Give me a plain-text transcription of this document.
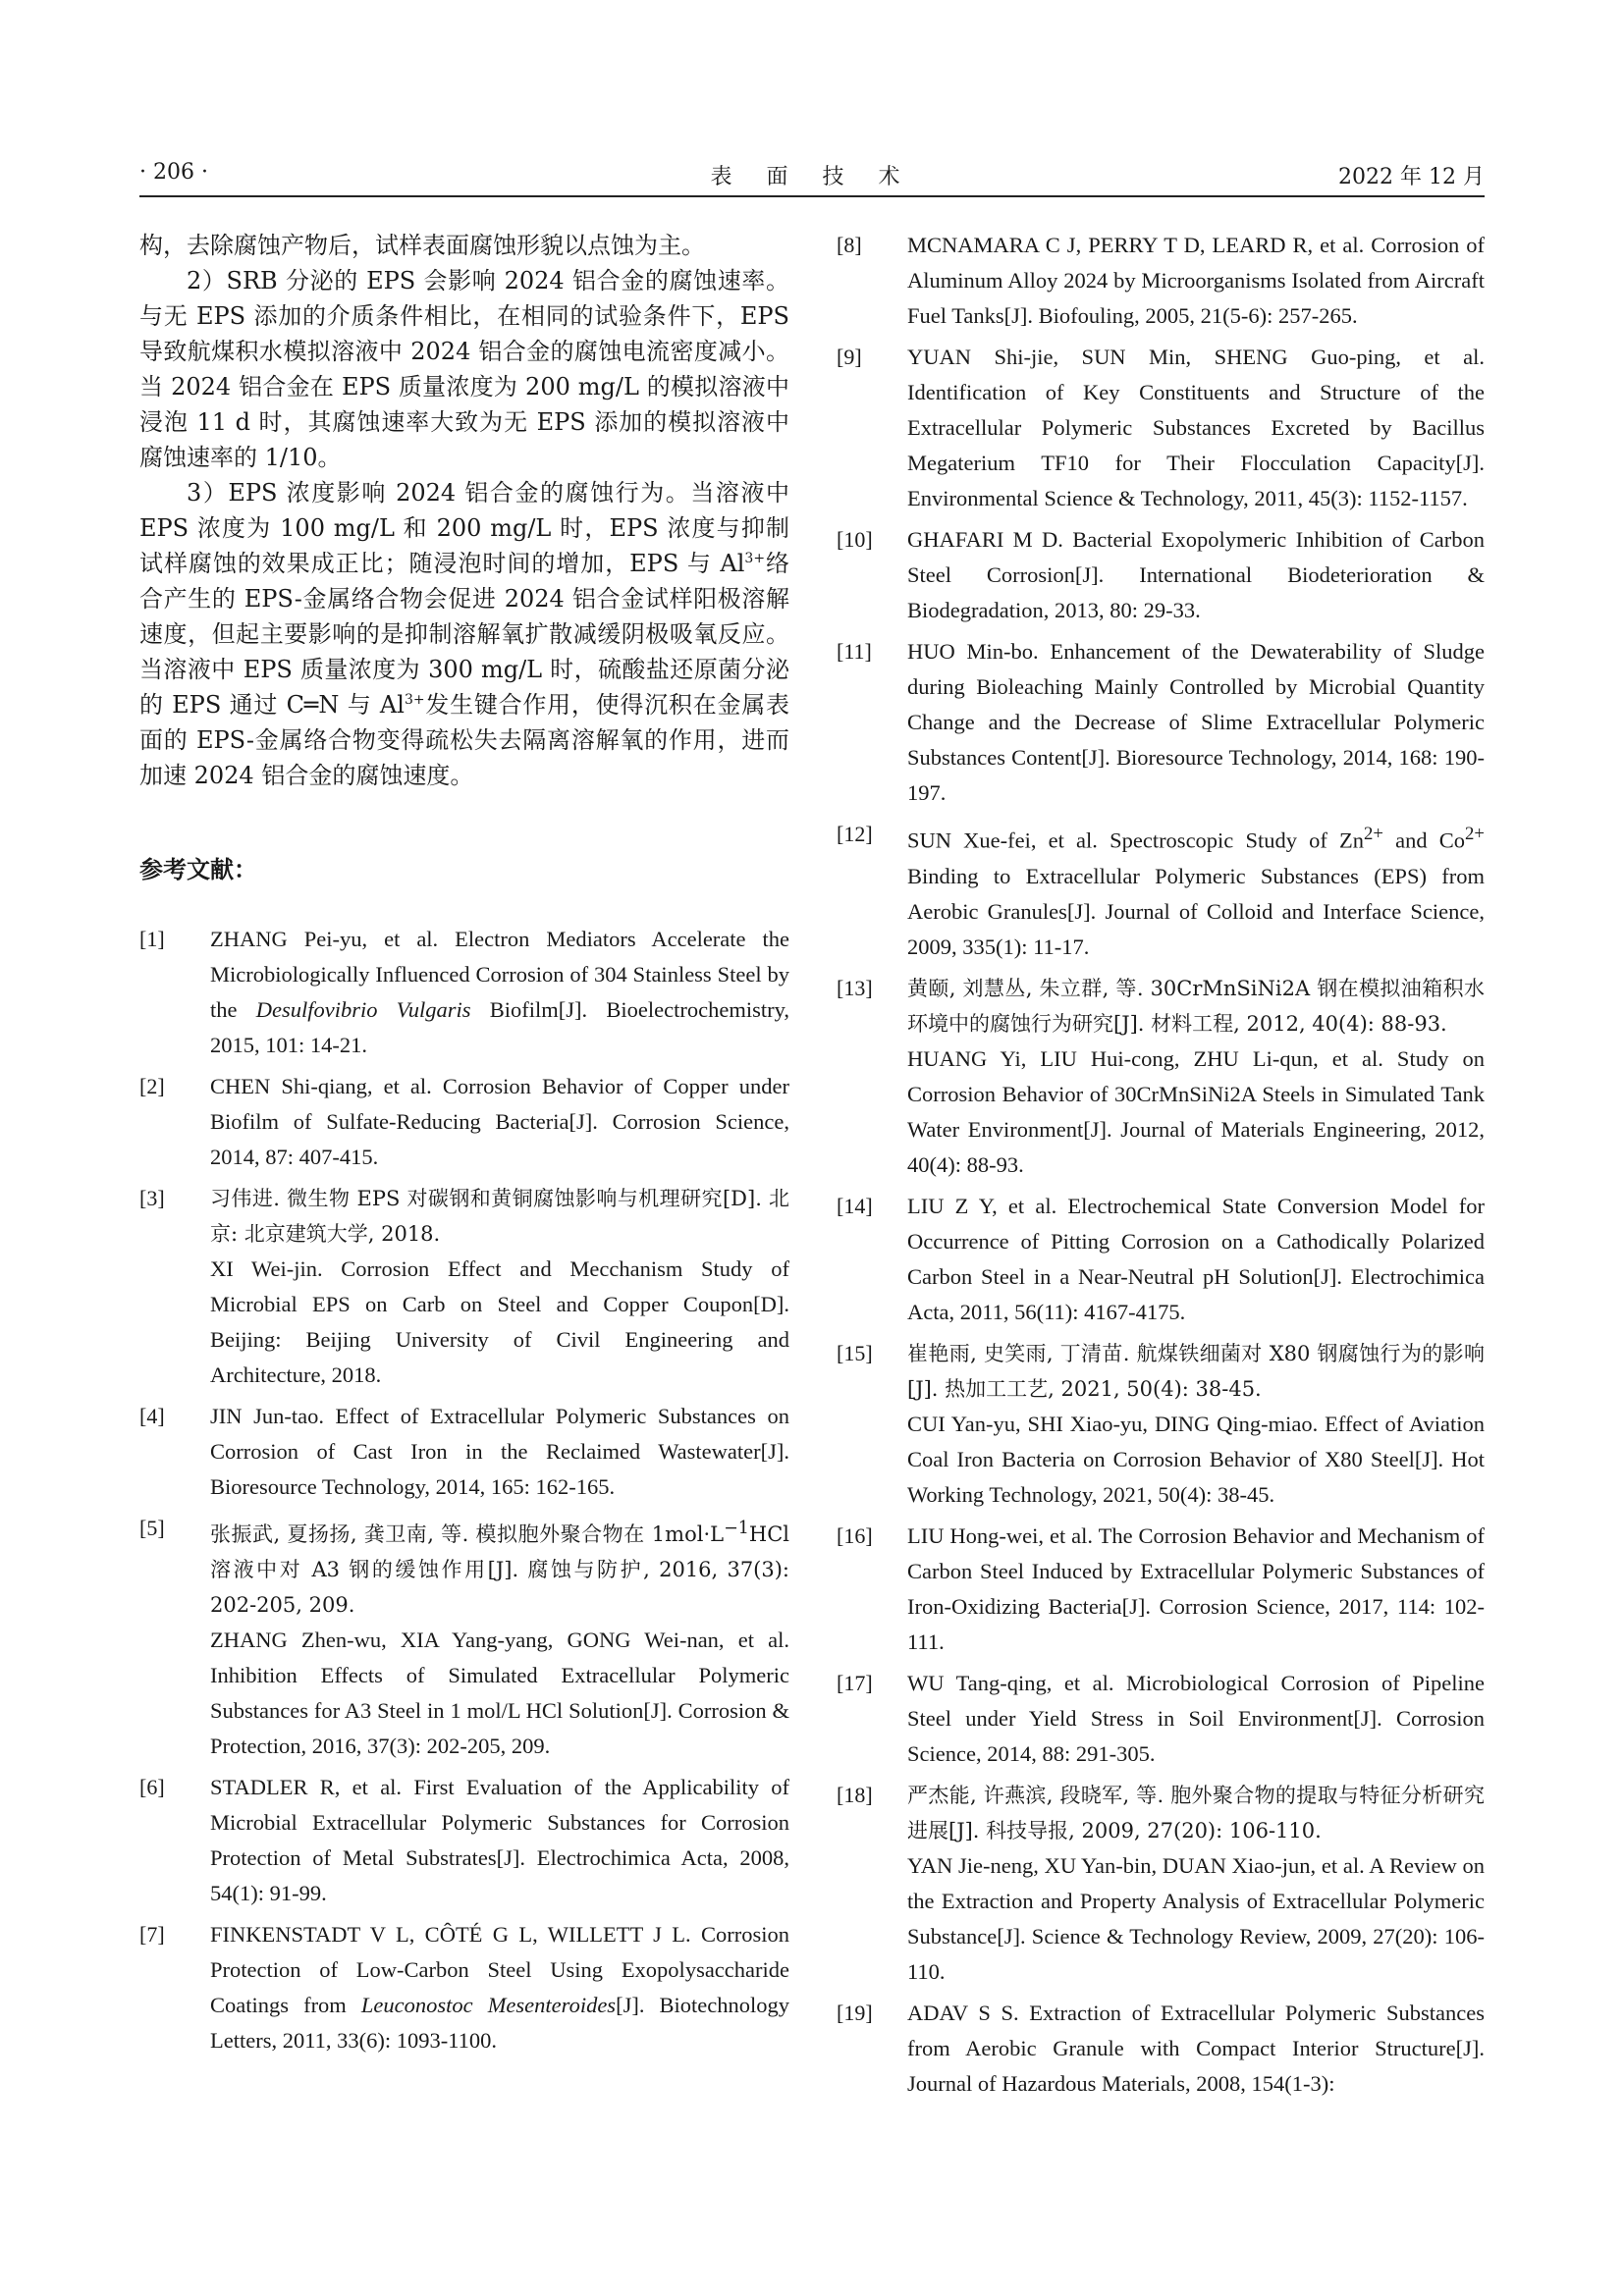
· 206 ·	表 面 技 术	2022 年 12 月

构，去除腐蚀产物后，试样表面腐蚀形貌以点蚀为主。

2）SRB 分泌的 EPS 会影响 2024 铝合金的腐蚀速率。与无 EPS 添加的介质条件相比，在相同的试验条件下，EPS 导致航煤积水模拟溶液中 2024 铝合金的腐蚀电流密度减小。当 2024 铝合金在 EPS 质量浓度为 200 mg/L 的模拟溶液中浸泡 11 d 时，其腐蚀速率大致为无 EPS 添加的模拟溶液中腐蚀速率的 1/10。

3）EPS 浓度影响 2024 铝合金的腐蚀行为。当溶液中 EPS 浓度为 100 mg/L 和 200 mg/L 时，EPS 浓度与抑制试样腐蚀的效果成正比；随浸泡时间的增加，EPS 与 $Al^{3+}$络合产生的 EPS-金属络合物会促进 2024 铝合金试样阳极溶解速度，但起主要影响的是抑制溶解氧扩散减缓阴极吸氧反应。当溶液中 EPS 质量浓度为 300 mg/L 时，硫酸盐还原菌分泌的 EPS 通过 C═N 与 $Al^{3+}$发生键合作用，使得沉积在金属表面的 EPS-金属络合物变得疏松失去隔离溶解氧的作用，进而加速 2024 铝合金的腐蚀速度。

参考文献：
[1] ZHANG Pei-yu, et al. Electron Mediators Accelerate the Microbiologically Influenced Corrosion of 304 Stainless Steel by the Desulfovibrio Vulgaris Biofilm[J]. Bioelectrochemistry, 2015, 101: 14-21.
[2] CHEN Shi-qiang, et al. Corrosion Behavior of Copper under Biofilm of Sulfate-Reducing Bacteria[J]. Corrosion Science, 2014, 87: 407-415.
[3] 习伟进. 微生物 EPS 对碳钢和黄铜腐蚀影响与机理研究[D]. 北京: 北京建筑大学, 2018.
XI Wei-jin. Corrosion Effect and Mecchanism Study of Microbial EPS on Carb on Steel and Copper Coupon[D]. Beijing: Beijing University of Civil Engineering and Architecture, 2018.
[4] JIN Jun-tao. Effect of Extracellular Polymeric Substances on Corrosion of Cast Iron in the Reclaimed Wastewater[J]. Bioresource Technology, 2014, 165: 162-165.
[5] 张振武, 夏扬扬, 龚卫南, 等. 模拟胞外聚合物在 $1mol\cdot L^{-1}HCl$ 溶液中对 A3 钢的缓蚀作用[J]. 腐蚀与防护, 2016, 37(3): 202-205, 209.
ZHANG Zhen-wu, XIA Yang-yang, GONG Wei-nan, et al. Inhibition Effects of Simulated Extracellular Polymeric Substances for A3 Steel in 1 mol/L HCl Solution[J]. Corrosion & Protection, 2016, 37(3): 202-205, 209.
[6] STADLER R, et al. First Evaluation of the Applicability of Microbial Extracellular Polymeric Substances for Corrosion Protection of Metal Substrates[J]. Electrochimica Acta, 2008, 54(1): 91-99.
[7] FINKENSTADT V L, CÔTÉ G L, WILLETT J L. Corrosion Protection of Low-Carbon Steel Using Exopolysaccharide Coatings from Leuconostoc Mesenteroides[J]. Biotechnology Letters, 2011, 33(6): 1093-1100.
[8] MCNAMARA C J, PERRY T D, LEARD R, et al. Corrosion of Aluminum Alloy 2024 by Microorganisms Isolated from Aircraft Fuel Tanks[J]. Biofouling, 2005, 21(5-6): 257-265.
[9] YUAN Shi-jie, SUN Min, SHENG Guo-ping, et al. Identification of Key Constituents and Structure of the Extracellular Polymeric Substances Excreted by Bacillus Megaterium TF10 for Their Flocculation Capacity[J]. Environmental Science & Technology, 2011, 45(3): 1152-1157.
[10] GHAFARI M D. Bacterial Exopolymeric Inhibition of Carbon Steel Corrosion[J]. International Biodeterioration & Biodegradation, 2013, 80: 29-33.
[11] HUO Min-bo. Enhancement of the Dewaterability of Sludge during Bioleaching Mainly Controlled by Microbial Quantity Change and the Decrease of Slime Extracellular Polymeric Substances Content[J]. Bioresource Technology, 2014, 168: 190-197.
[12] SUN Xue-fei, et al. Spectroscopic Study of $Zn^{2+}$ and $Co^{2+}$ Binding to Extracellular Polymeric Substances (EPS) from Aerobic Granules[J]. Journal of Colloid and Interface Science, 2009, 335(1): 11-17.
[13] 黄颐, 刘慧丛, 朱立群, 等. 30CrMnSiNi2A 钢在模拟油箱积水环境中的腐蚀行为研究[J]. 材料工程, 2012, 40(4): 88-93.
HUANG Yi, LIU Hui-cong, ZHU Li-qun, et al. Study on Corrosion Behavior of 30CrMnSiNi2A Steels in Simulated Tank Water Environment[J]. Journal of Materials Engineering, 2012, 40(4): 88-93.
[14] LIU Z Y, et al. Electrochemical State Conversion Model for Occurrence of Pitting Corrosion on a Cathodically Polarized Carbon Steel in a Near-Neutral pH Solution[J]. Electrochimica Acta, 2011, 56(11): 4167-4175.
[15] 崔艳雨, 史笑雨, 丁清苗. 航煤铁细菌对 X80 钢腐蚀行为的影响[J]. 热加工工艺, 2021, 50(4): 38-45.
CUI Yan-yu, SHI Xiao-yu, DING Qing-miao. Effect of Aviation Coal Iron Bacteria on Corrosion Behavior of X80 Steel[J]. Hot Working Technology, 2021, 50(4): 38-45.
[16] LIU Hong-wei, et al. The Corrosion Behavior and Mechanism of Carbon Steel Induced by Extracellular Polymeric Substances of Iron-Oxidizing Bacteria[J]. Corrosion Science, 2017, 114: 102-111.
[17] WU Tang-qing, et al. Microbiological Corrosion of Pipeline Steel under Yield Stress in Soil Environment[J]. Corrosion Science, 2014, 88: 291-305.
[18] 严杰能, 许燕滨, 段晓军, 等. 胞外聚合物的提取与特征分析研究进展[J]. 科技导报, 2009, 27(20): 106-110.
YAN Jie-neng, XU Yan-bin, DUAN Xiao-jun, et al. A Review on the Extraction and Property Analysis of Extracellular Polymeric Substance[J]. Science & Technology Review, 2009, 27(20): 106-110.
[19] ADAV S S. Extraction of Extracellular Polymeric Substances from Aerobic Granule with Compact Interior Structure[J]. Journal of Hazardous Materials, 2008, 154(1-3):
